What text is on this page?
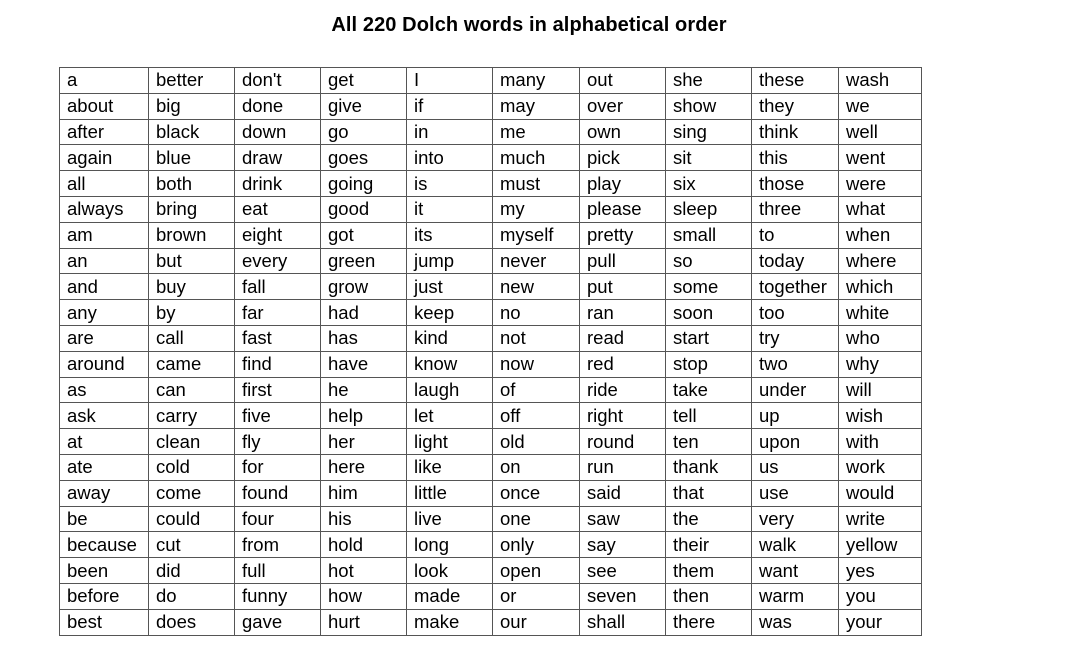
All 220 Dolch words in alphabetical order
a	better	don't	get	I	many	out	she	these	wash
about	big	done	give	if	may	over	show	they	we
after	black	down	go	in	me	own	sing	think	well
again	blue	draw	goes	into	much	pick	sit	this	went
all	both	drink	going	is	must	play	six	those	were
always	bring	eat	good	it	my	please	sleep	three	what
am	brown	eight	got	its	myself	pretty	small	to	when
an	but	every	green	jump	never	pull	so	today	where
and	buy	fall	grow	just	new	put	some	together	which
any	by	far	had	keep	no	ran	soon	too	white
are	call	fast	has	kind	not	read	start	try	who
around	came	find	have	know	now	red	stop	two	why
as	can	first	he	laugh	of	ride	take	under	will
ask	carry	five	help	let	off	right	tell	up	wish
at	clean	fly	her	light	old	round	ten	upon	with
ate	cold	for	here	like	on	run	thank	us	work
away	come	found	him	little	once	said	that	use	would
be	could	four	his	live	one	saw	the	very	write
because	cut	from	hold	long	only	say	their	walk	yellow
been	did	full	hot	look	open	see	them	want	yes
before	do	funny	how	made	or	seven	then	warm	you
best	does	gave	hurt	make	our	shall	there	was	your
